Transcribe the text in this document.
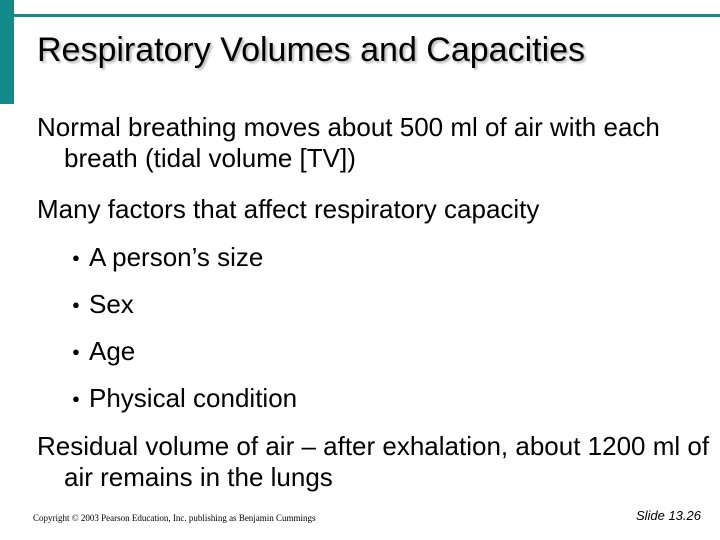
Respiratory Volumes and Capacities

Normal breathing moves about 500 ml of air with each breath (tidal volume [TV])

Many factors that affect respiratory capacity

● A person’s size
● Sex
● Age
● Physical condition

Residual volume of air – after exhalation, about 1200 ml of air remains in the lungs

Copyright © 2003 Pearson Education, Inc. publishing as Benjamin Cummings	Slide 13.26
